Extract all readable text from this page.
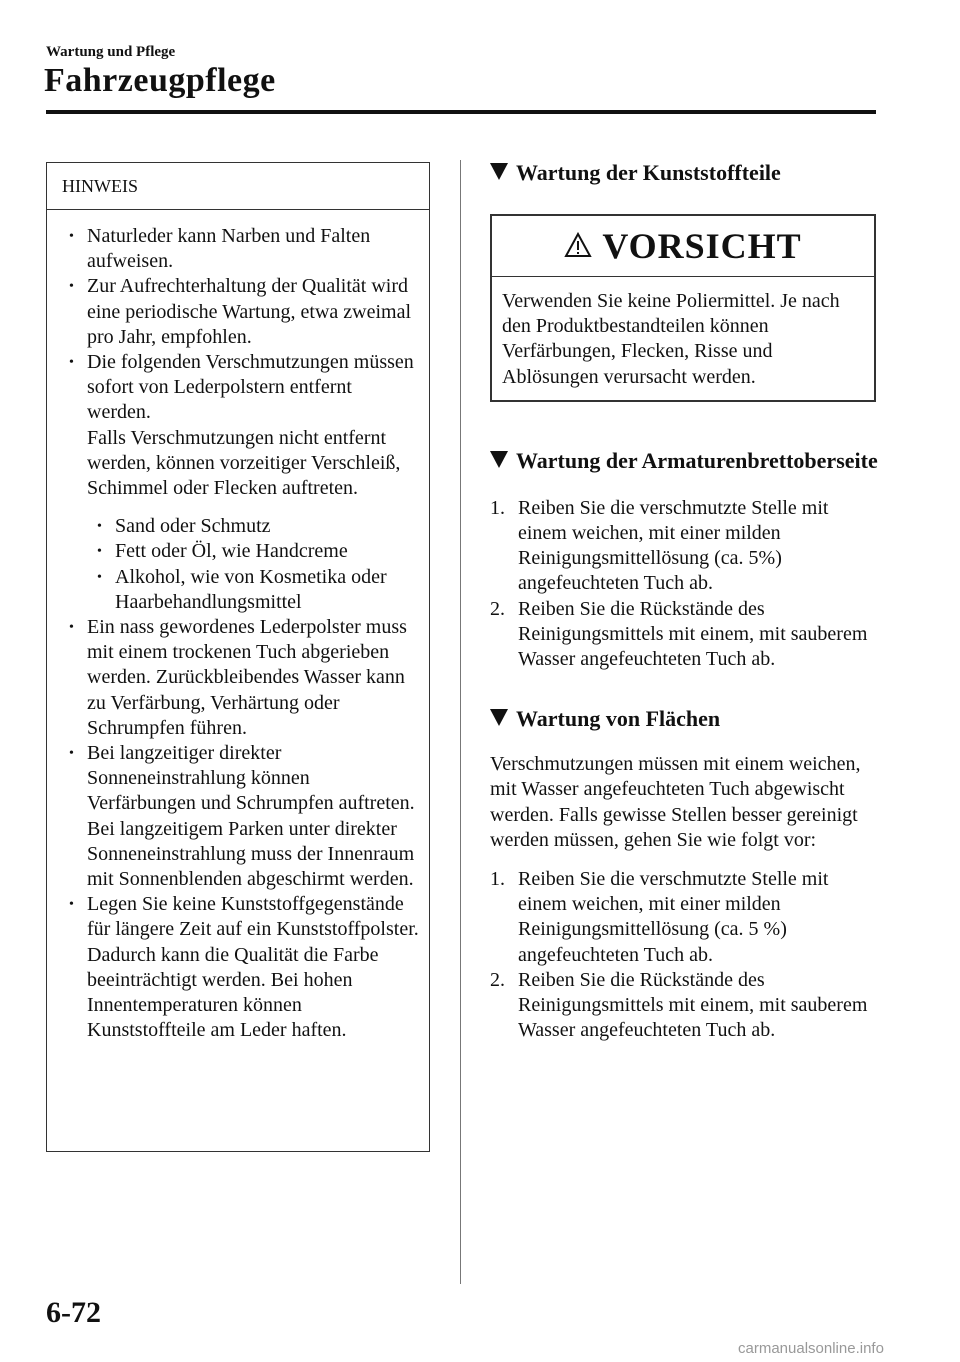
Wartung und Pflege
Fahrzeugpflege
HINWEIS
• Naturleder kann Narben und Falten aufweisen.
• Zur Aufrechterhaltung der Qualität wird eine periodische Wartung, etwa zweimal pro Jahr, empfohlen.
• Die folgenden Verschmutzungen müssen sofort von Lederpolstern entfernt werden.
Falls Verschmutzungen nicht entfernt werden, können vorzeitiger Verschleiß, Schimmel oder Flecken auftreten.
• Sand oder Schmutz
• Fett oder Öl, wie Handcreme
• Alkohol, wie von Kosmetika oder Haarbehandlungsmittel
• Ein nass gewordenes Lederpolster muss mit einem trockenen Tuch abgerieben werden. Zurückbleibendes Wasser kann zu Verfärbung, Verhärtung oder Schrumpfen führen.
• Bei langzeitiger direkter Sonneneinstrahlung können Verfärbungen und Schrumpfen auftreten. Bei langzeitigem Parken unter direkter Sonneneinstrahlung muss der Innenraum mit Sonnenblenden abgeschirmt werden.
• Legen Sie keine Kunststoffgegenstände für längere Zeit auf ein Kunststoffpolster. Dadurch kann die Qualität die Farbe beeinträchtigt werden. Bei hohen Innentemperaturen können Kunststoffteile am Leder haften.
Wartung der Kunststoffteile
VORSICHT
Verwenden Sie keine Poliermittel. Je nach den Produktbestandteilen können Verfärbungen, Flecken, Risse und Ablösungen verursacht werden.
Wartung der Armaturenbrettoberseite
1. Reiben Sie die verschmutzte Stelle mit einem weichen, mit einer milden Reinigungsmittellösung (ca. 5%) angefeuchteten Tuch ab.
2. Reiben Sie die Rückstände des Reinigungsmittels mit einem, mit sauberem Wasser angefeuchteten Tuch ab.
Wartung von Flächen
Verschmutzungen müssen mit einem weichen, mit Wasser angefeuchteten Tuch abgewischt werden. Falls gewisse Stellen besser gereinigt werden müssen, gehen Sie wie folgt vor:
1. Reiben Sie die verschmutzte Stelle mit einem weichen, mit einer milden Reinigungsmittellösung (ca. 5 %) angefeuchteten Tuch ab.
2. Reiben Sie die Rückstände des Reinigungsmittels mit einem, mit sauberem Wasser angefeuchteten Tuch ab.
6-72
carmanualsonline.info
